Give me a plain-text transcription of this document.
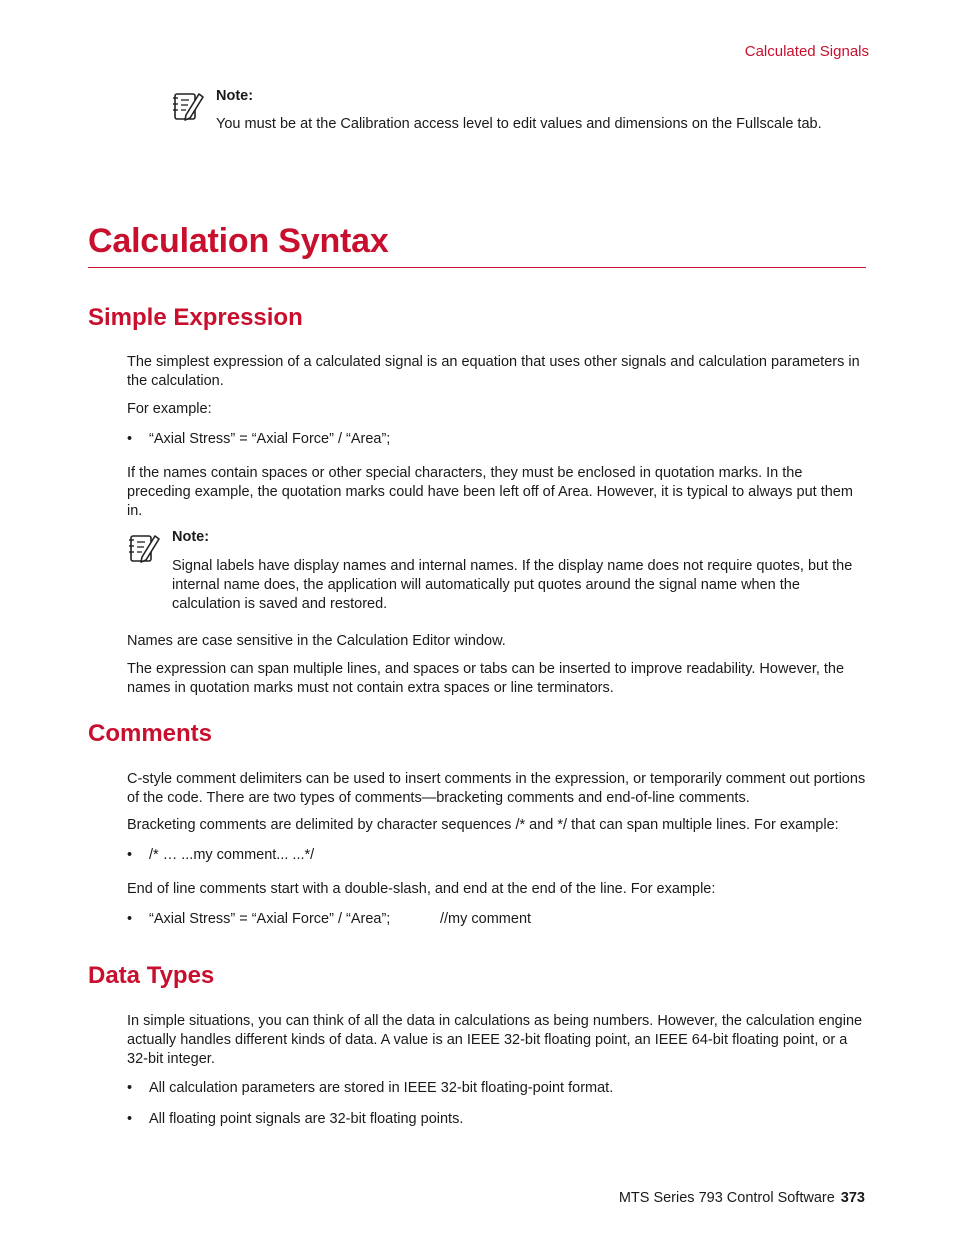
Calculated Signals
Note:
You must be at the Calibration access level to edit values and dimensions on the Fullscale tab.
Calculation Syntax
Simple Expression
The simplest expression of a calculated signal is an equation that uses other signals and calculation parameters in the calculation.
For example:
• “Axial Stress” = “Axial Force” / “Area”;
If the names contain spaces or other special characters, they must be enclosed in quotation marks. In the preceding example, the quotation marks could have been left off of Area. However, it is typical to always put them in.
Note:
Signal labels have display names and internal names. If the display name does not require quotes, but the internal name does, the application will automatically put quotes around the signal name when the calculation is saved and restored.
Names are case sensitive in the Calculation Editor window.
The expression can span multiple lines, and spaces or tabs can be inserted to improve readability. However, the names in quotation marks must not contain extra spaces or line terminators.
Comments
C-style comment delimiters can be used to insert comments in the expression, or temporarily comment out portions of the code. There are two types of comments—bracketing comments and end-of-line comments.
Bracketing comments are delimited by character sequences /* and */ that can span multiple lines. For example:
• /* … ...my comment... ...*/
End of line comments start with a double-slash, and end at the end of the line. For example:
• “Axial Stress” = “Axial Force” / “Area”;	//my comment
Data Types
In simple situations, you can think of all the data in calculations as being numbers. However, the calculation engine actually handles different kinds of data. A value is an IEEE 32-bit floating point, an IEEE 64-bit floating point, or a 32-bit integer.
• All calculation parameters are stored in IEEE 32-bit floating-point format.
• All floating point signals are 32-bit floating points.
MTS Series 793 Control Software 373
